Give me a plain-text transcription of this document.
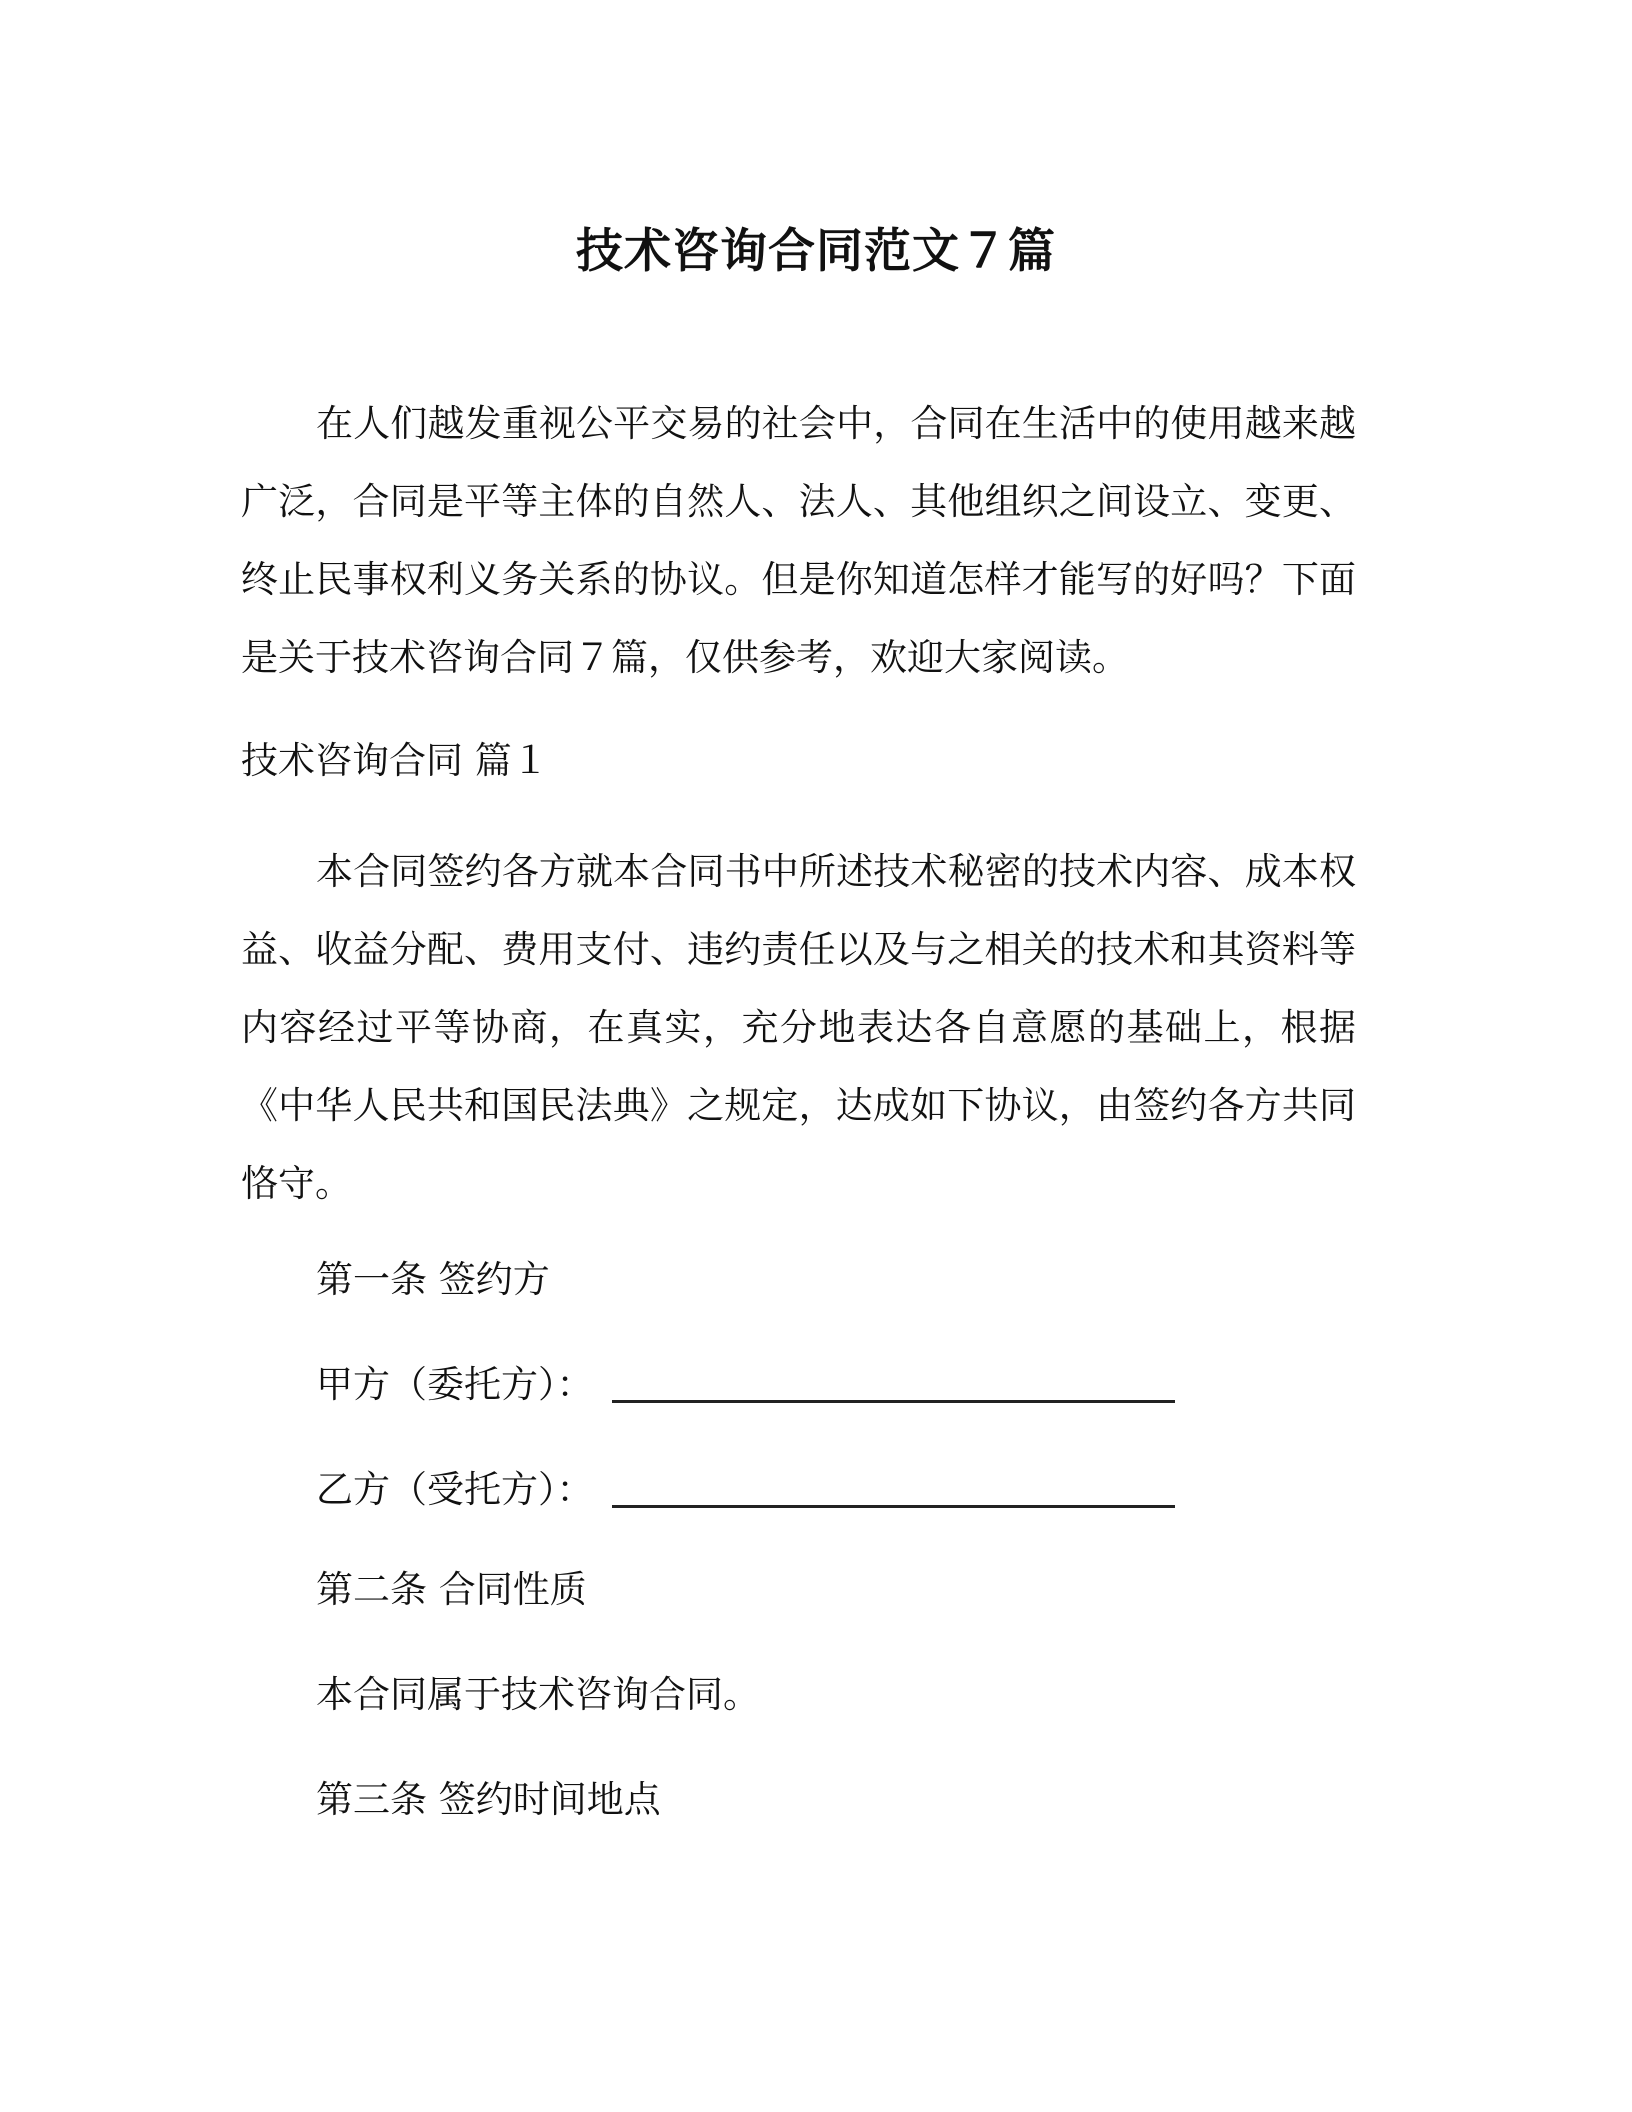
技术咨询合同范文７篇

在人们越发重视公平交易的社会中，合同在生活中的使用越来越广泛，合同是平等主体的自然人、法人、其他组织之间设立、变更、终止民事权利义务关系的协议。但是你知道怎样才能写的好吗？下面是关于技术咨询合同７篇，仅供参考，欢迎大家阅读。

技术咨询合同 篇１

本合同签约各方就本合同书中所述技术秘密的技术内容、成本权益、收益分配、费用支付、违约责任以及与之相关的技术和其资料等内容经过平等协商，在真实，充分地表达各自意愿的基础上，根据《中华人民共和国民法典》之规定，达成如下协议，由签约各方共同恪守。

第一条 签约方

甲方（委托方）：
乙方（受托方）：

第二条 合同性质

本合同属于技术咨询合同。

第三条 签约时间地点
